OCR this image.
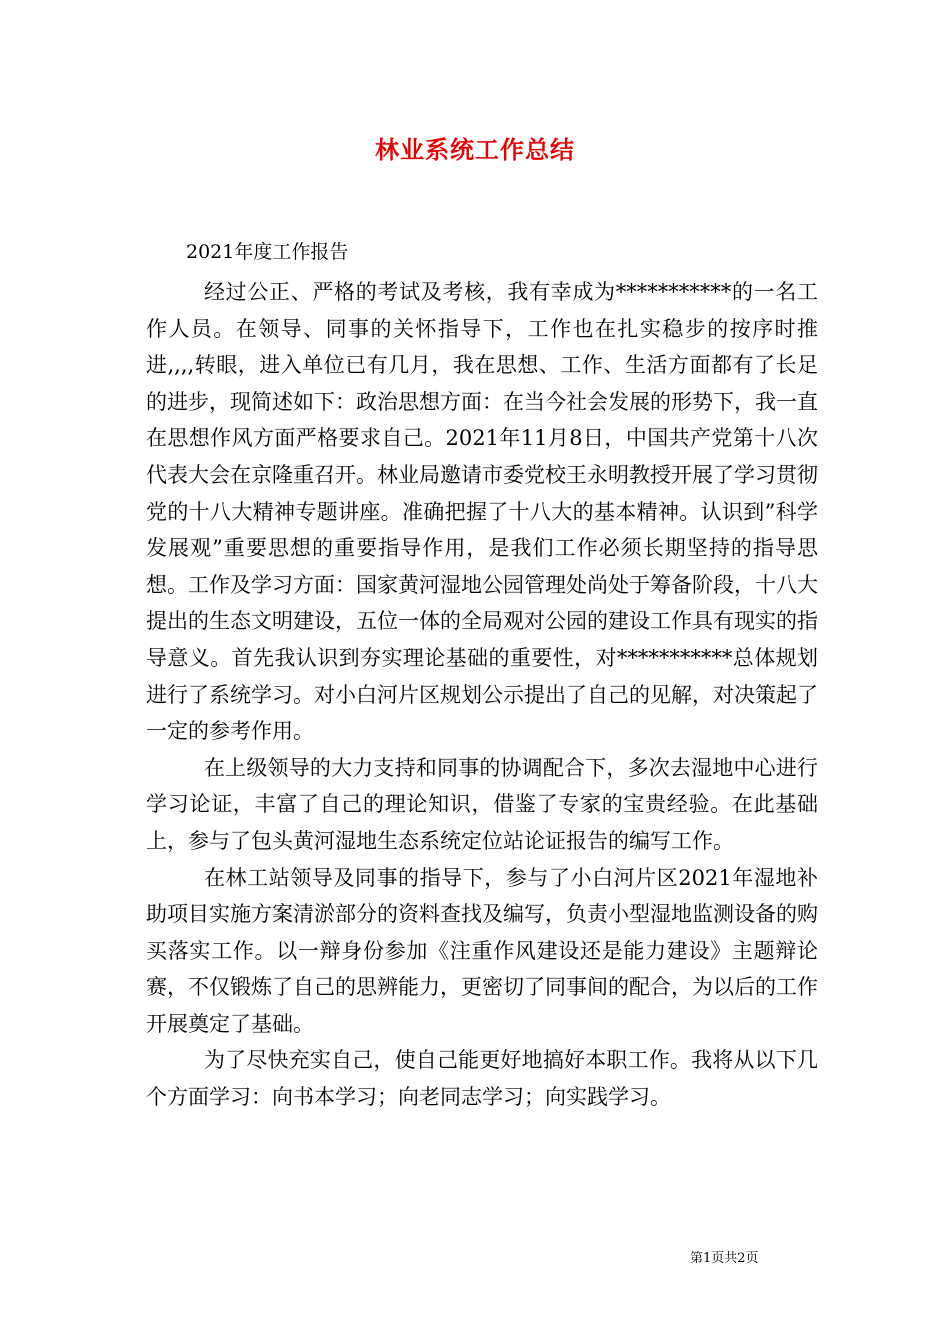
林业系统工作总结
2021年度工作报告

经过公正、严格的考试及考核，我有幸成为***********的一名工作人员。在领导、同事的关怀指导下，工作也在扎实稳步的按序时推进,,,,转眼，进入单位已有几月，我在思想、工作、生活方面都有了长足的进步，现简述如下：政治思想方面：在当今社会发展的形势下，我一直在思想作风方面严格要求自己。2021年11月8日，中国共产党第十八次代表大会在京隆重召开。林业局邀请市委党校王永明教授开展了学习贯彻党的十八大精神专题讲座。准确把握了十八大的基本精神。认识到”科学发展观”重要思想的重要指导作用，是我们工作必须长期坚持的指导思想。工作及学习方面：国家黄河湿地公园管理处尚处于筹备阶段，十八大提出的生态文明建设，五位一体的全局观对公园的建设工作具有现实的指导意义。首先我认识到夯实理论基础的重要性，对***********总体规划进行了系统学习。对小白河片区规划公示提出了自己的见解，对决策起了一定的参考作用。

在上级领导的大力支持和同事的协调配合下，多次去湿地中心进行学习论证，丰富了自己的理论知识，借鉴了专家的宝贵经验。在此基础上，参与了包头黄河湿地生态系统定位站论证报告的编写工作。

在林工站领导及同事的指导下，参与了小白河片区2021年湿地补助项目实施方案清淤部分的资料查找及编写，负责小型湿地监测设备的购买落实工作。以一辩身份参加《注重作风建设还是能力建设》主题辩论赛，不仅锻炼了自己的思辨能力，更密切了同事间的配合，为以后的工作开展奠定了基础。

为了尽快充实自己，使自己能更好地搞好本职工作。我将从以下几个方面学习：向书本学习；向老同志学习；向实践学习。

第1页共2页
